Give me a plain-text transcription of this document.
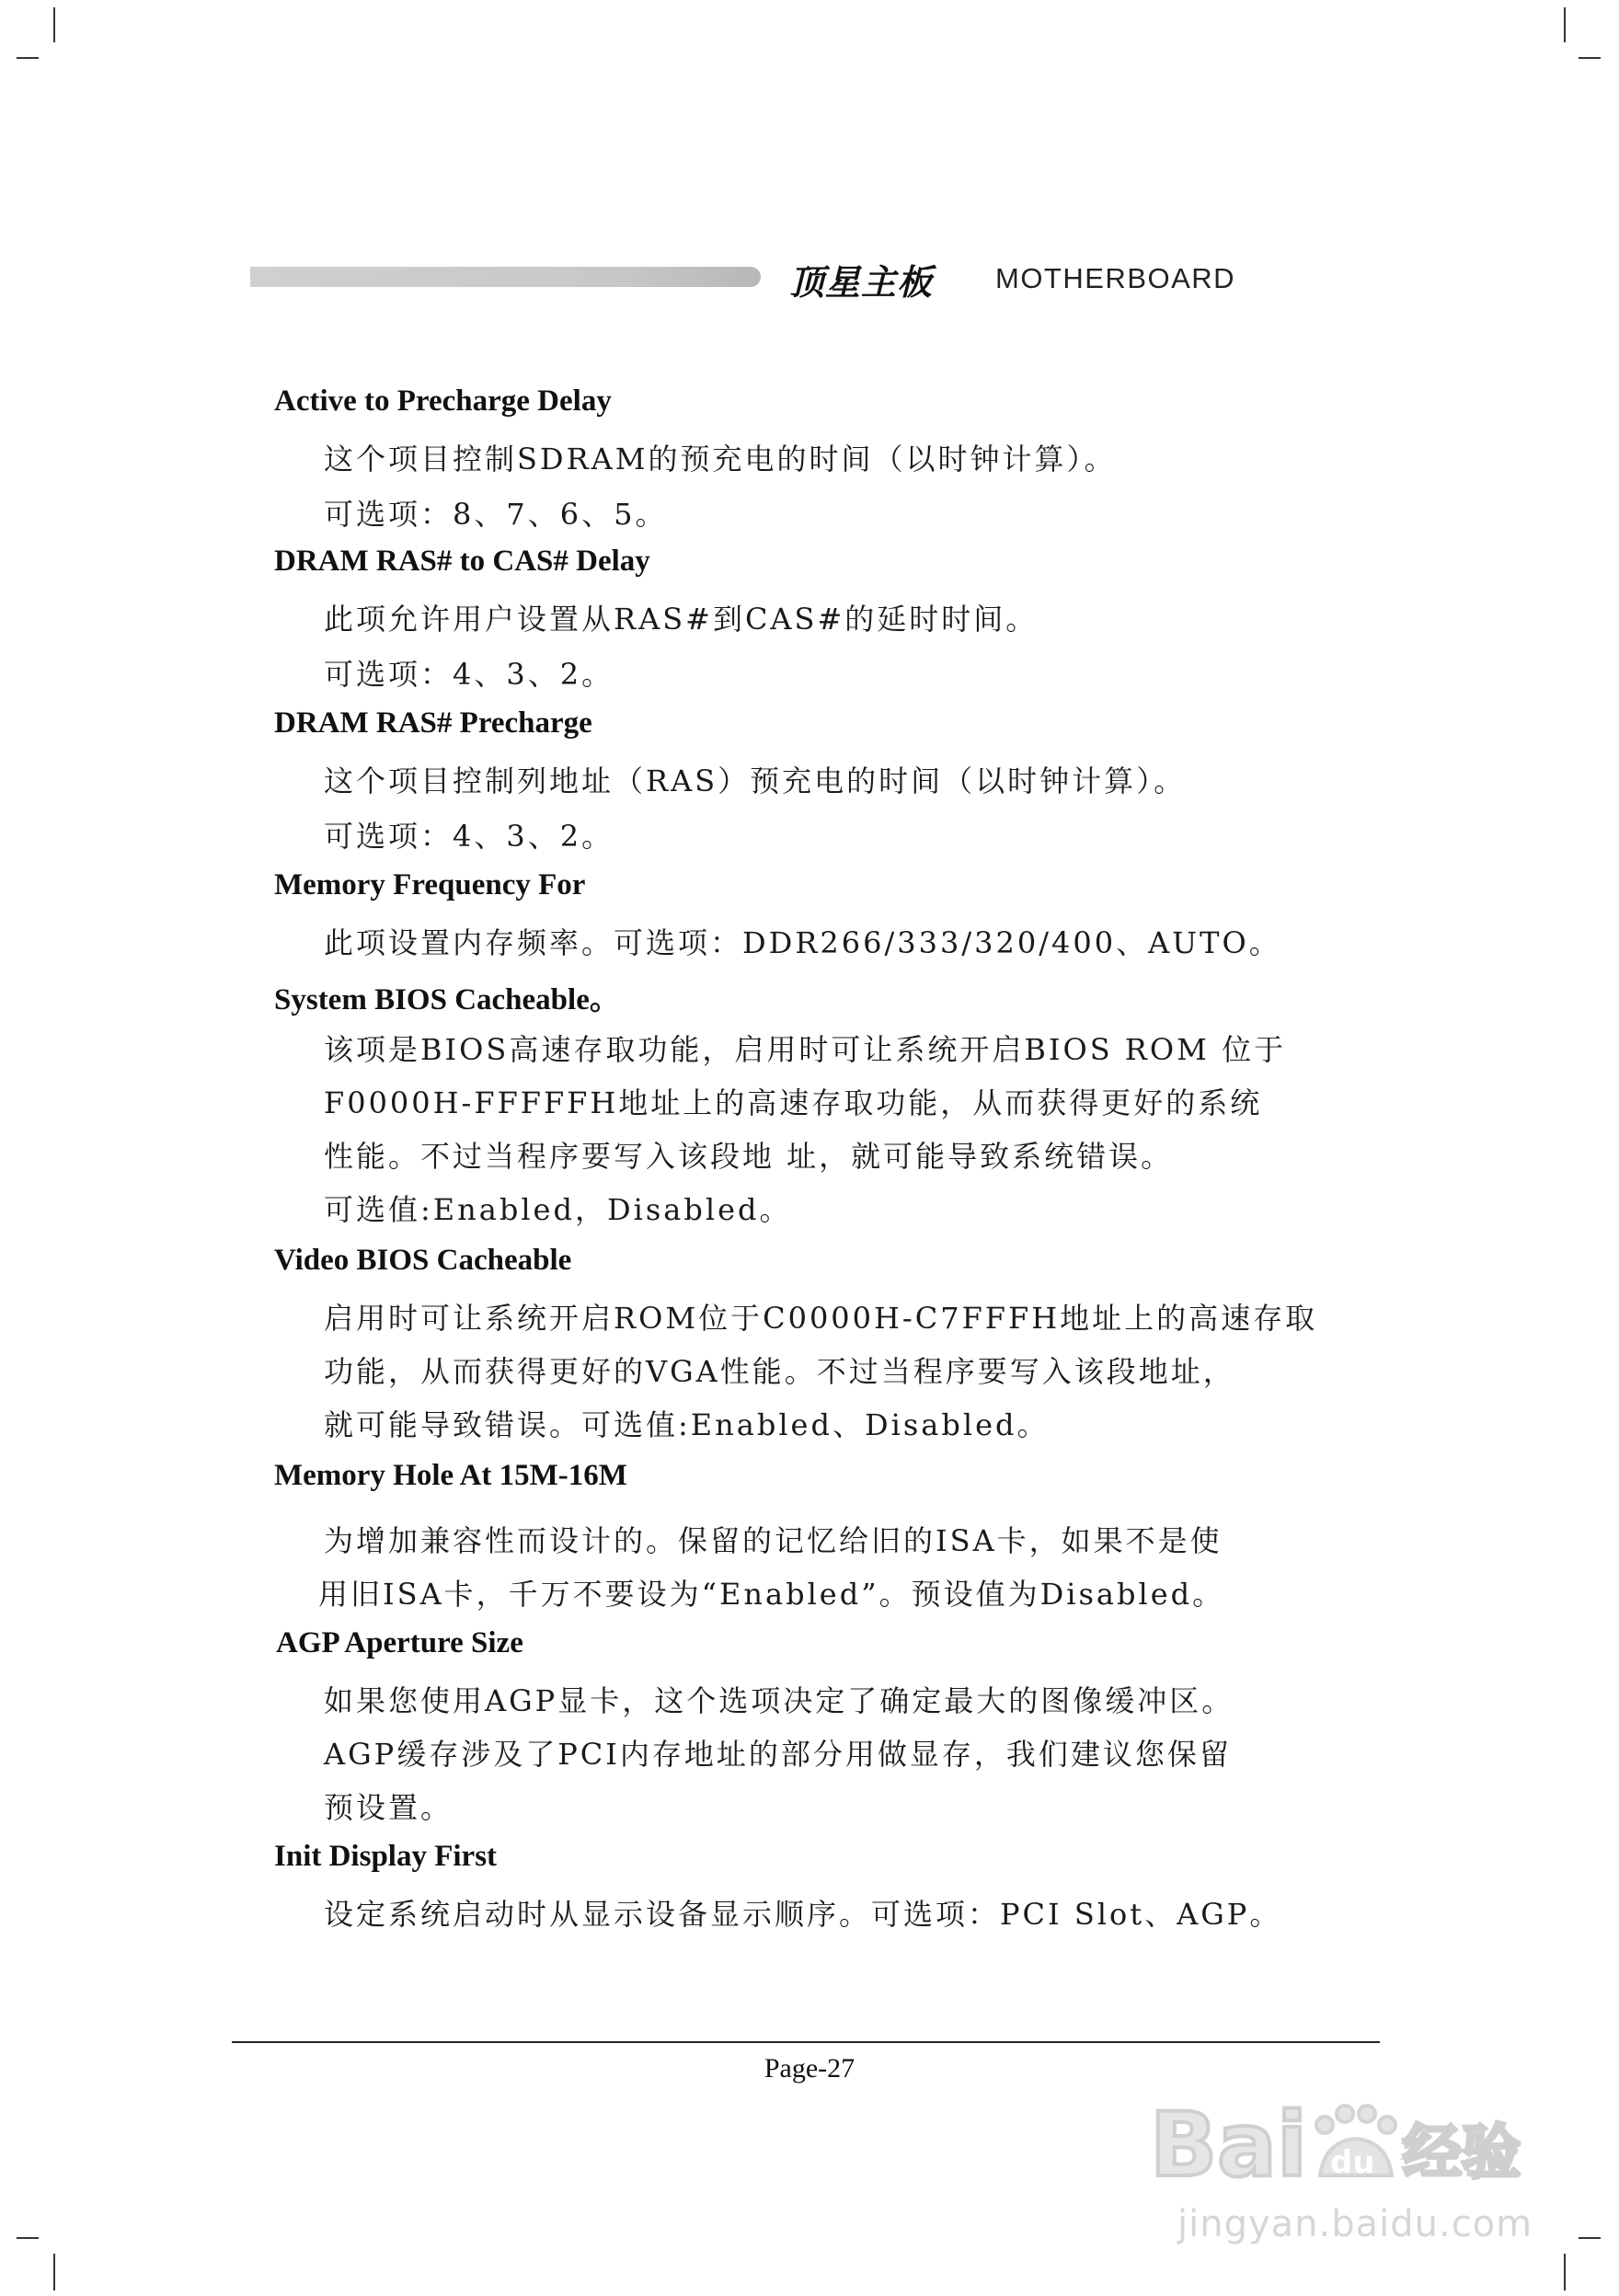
顶星主板 MOTHERBOARD
Active to Precharge Delay
这个项目控制SDRAM的预充电的时间（以时钟计算）。
可选项：8、7、6、5。
DRAM RAS# to CAS# Delay
此项允许用户设置从RAS#到CAS#的延时时间。
可选项：4、3、2。
DRAM RAS# Precharge
这个项目控制列地址（RAS）预充电的时间（以时钟计算）。
可选项：4、3、2。
Memory Frequency For
此项设置内存频率。可选项：DDR266/333/320/400、AUTO。
System BIOS Cacheable。
该项是BIOS高速存取功能，启用时可让系统开启BIOS ROM 位于
F0000H-FFFFFH地址上的高速存取功能，从而获得更好的系统
性能。不过当程序要写入该段地 址，就可能导致系统错误。
可选值:Enabled，Disabled。
Video BIOS Cacheable
启用时可让系统开启ROM位于C0000H-C7FFFH地址上的高速存取
功能，从而获得更好的VGA性能。不过当程序要写入该段地址，
就可能导致错误。可选值:Enabled、Disabled。
Memory Hole At 15M-16M
为增加兼容性而设计的。保留的记忆给旧的ISA卡，如果不是使
用旧ISA卡，千万不要设为“Enabled”。预设值为Disabled。
AGP Aperture Size
如果您使用AGP显卡，这个选项决定了确定最大的图像缓冲区。
AGP缓存涉及了PCI内存地址的部分用做显存，我们建议您保留
预设置。
Init Display First
设定系统启动时从显示设备显示顺序。可选项：PCI Slot、AGP。
Page-27
Bai du 经验
jingyan.baidu.com
